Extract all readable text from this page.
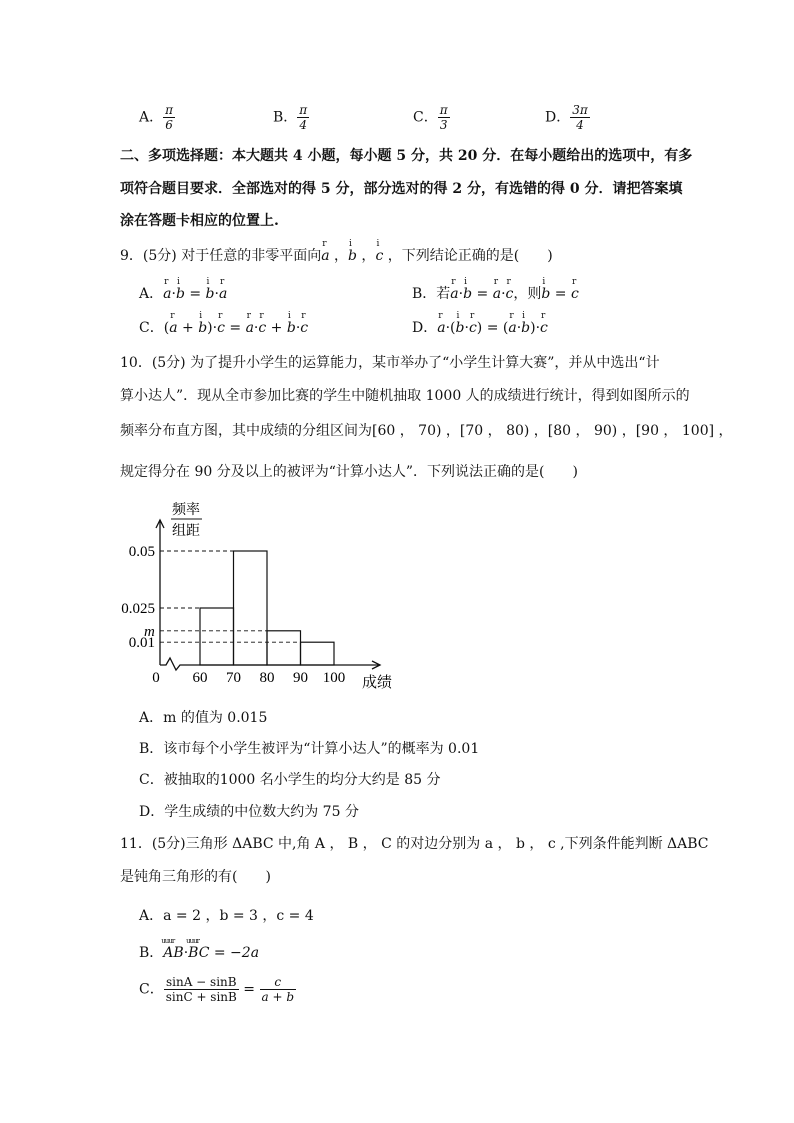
A． $\frac{\pi}{6}$	B． $\frac{\pi}{4}$	C． $\frac{\pi}{3}$	D． $\frac{3\pi}{4}$
二、多项选择题：本大题共 4 小题，每小题 5 分，共 20 分．在每小题给出的选项中，有多
项符合题目要求．全部选对的得 5 分，部分选对的得 2 分，有选错的得 0 分．请把答案填
涂在答题卡相应的位置上.
9．(5分) 对于任意的非零平面向r a ，i b ，i c ，下列结论正确的是(　　)
A．r a·i b = i b·r a	B．若r a·i b = r a·r c，则i b = r c
C．(r a + i b)·r c = r a·r c + i b·r c	D．r a·(i b·r c) = (r a·i b)·r c
10．(5分) 为了提升小学生的运算能力，某市举办了“小学生计算大赛”，并从中选出“计
算小达人”．现从全市参加比赛的学生中随机抽取 1000 人的成绩进行统计，得到如图所示的
频率分布直方图，其中成绩的分组区间为[60 ， 70) ，[70 ， 80) ，[80 ， 90) ，[90 ， 100] ，
规定得分在 90 分及以上的被评为“计算小达人”．下列说法正确的是(　　)
频率
组距
0.05
0.025
m
0.01
0 60 70 80 90 100 成绩
A．m 的值为 0.015
B．该市每个小学生被评为“计算小达人”的概率为 0.01
C．被抽取的1000 名小学生的均分大约是 85 分
D．学生成绩的中位数大约为 75 分
11．(5分)三角形 ΔABC 中,角 A ， B ， C 的对边分别为 a ， b ， c ,下列条件能判断 ΔABC
是钝角三角形的有(　　)
A．a = 2 ，b = 3 ，c = 4
B．uuur AB·uuur BC = −2a
C． $\frac{\sin A - \sin B}{\sin C + \sin B} = \frac{c}{a + b}$
